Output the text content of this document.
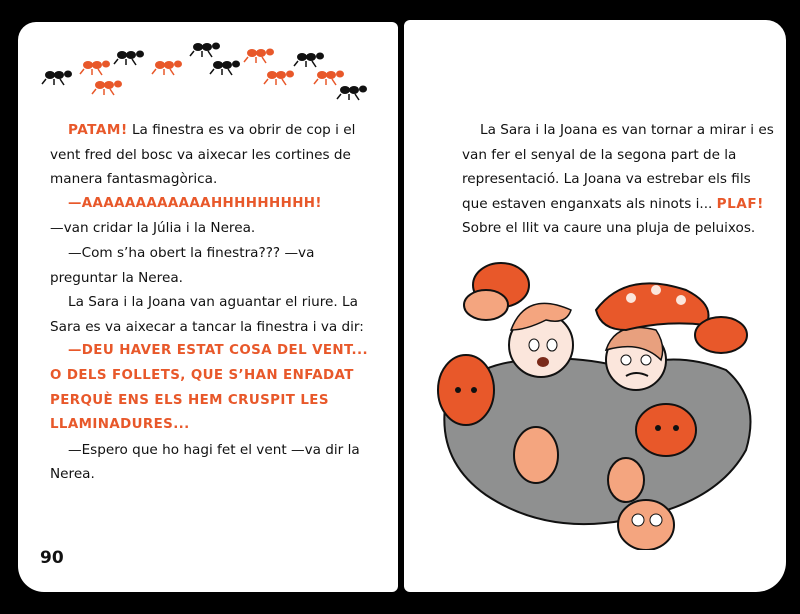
PATAM! La finestra es va obrir de cop i el vent fred del bosc va aixecar les cortines de manera fantasmagòrica.

—AAAAAAAAAAAAHHHHHHHHH!

—van cridar la Júlia i la Nerea.

—Com s’ha obert la finestra??? —va preguntar la Nerea.

La Sara i la Joana van aguantar el riure. La Sara es va aixecar a tancar la finestra i va dir:

—DEU HAVER ESTAT COSA DEL VENT... O DELS FOLLETS, QUE S’HAN ENFADAT PERQUÈ ENS ELS HEM CRUSPIT LES LLAMINADURES...

—Espero que ho hagi fet el vent —va dir la Nerea.

90

La Sara i la Joana es van tornar a mirar i es van fer el senyal de la segona part de la representació. La Joana va estrebar els fils que estaven enganxats als ninots i... PLAF! Sobre el llit va caure una pluja de peluixos.
